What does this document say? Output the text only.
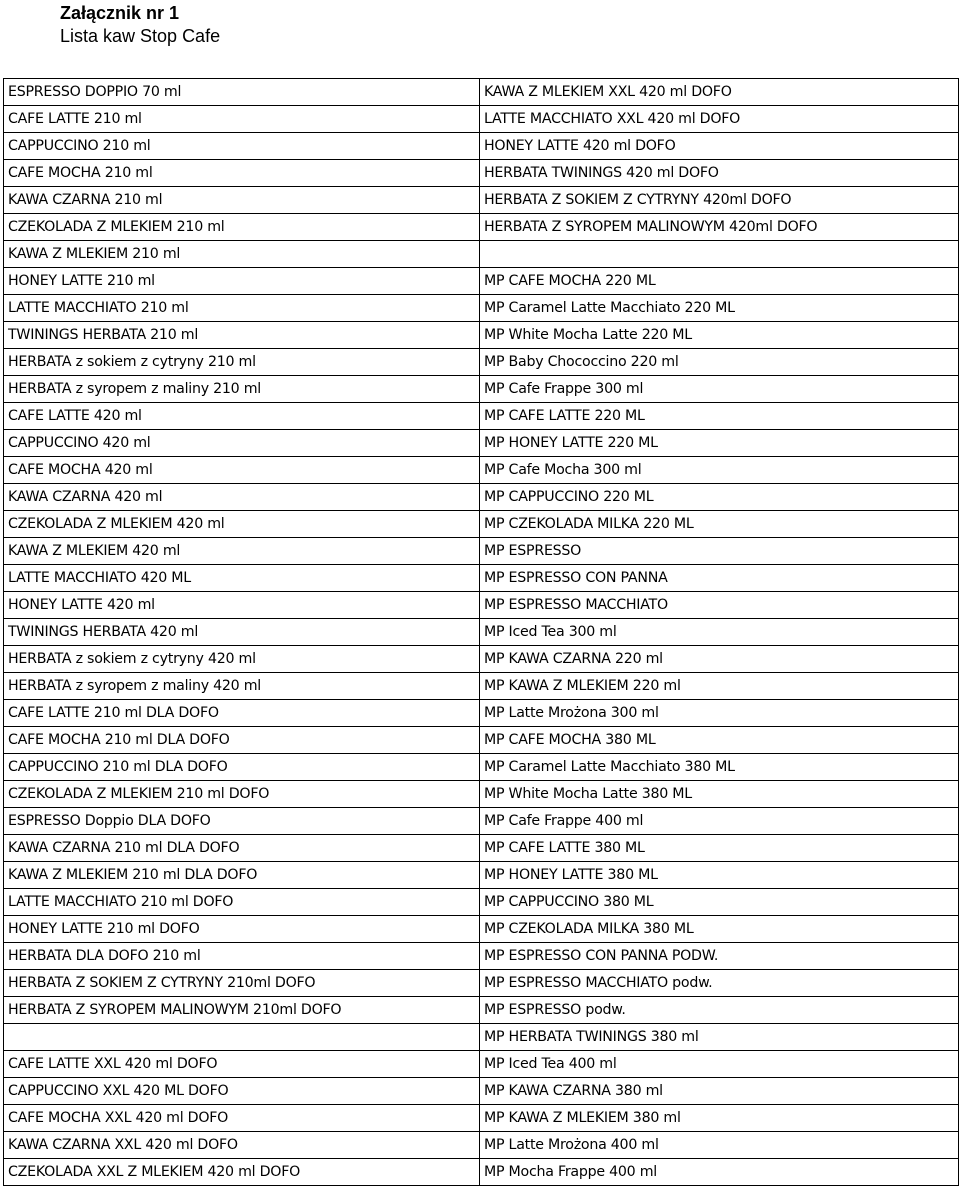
Załącznik nr 1
Lista kaw Stop Cafe
ESPRESSO DOPPIO 70 ml	KAWA Z MLEKIEM XXL 420 ml DOFO
CAFE LATTE 210 ml	LATTE MACCHIATO XXL 420 ml DOFO
CAPPUCCINO 210 ml	HONEY LATTE 420 ml DOFO
CAFE MOCHA 210 ml	HERBATA TWININGS 420 ml DOFO
KAWA CZARNA 210 ml	HERBATA Z SOKIEM Z CYTRYNY 420ml DOFO
CZEKOLADA Z MLEKIEM 210 ml	HERBATA Z SYROPEM MALINOWYM 420ml DOFO
KAWA Z MLEKIEM 210 ml	
HONEY LATTE 210 ml	MP CAFE MOCHA 220 ML
LATTE MACCHIATO 210 ml	MP Caramel Latte Macchiato 220 ML
TWININGS HERBATA 210 ml	MP White Mocha Latte 220 ML
HERBATA z sokiem z cytryny 210 ml	MP Baby Chococcino 220 ml
HERBATA z syropem z maliny 210 ml	MP Cafe Frappe 300 ml
CAFE LATTE 420 ml	MP CAFE LATTE 220 ML
CAPPUCCINO 420 ml	MP HONEY LATTE 220 ML
CAFE MOCHA 420 ml	MP Cafe Mocha 300 ml
KAWA CZARNA 420 ml	MP CAPPUCCINO 220 ML
CZEKOLADA Z MLEKIEM 420 ml	MP CZEKOLADA MILKA 220 ML
KAWA Z MLEKIEM 420 ml	MP ESPRESSO
LATTE MACCHIATO 420 ML	MP ESPRESSO CON PANNA
HONEY LATTE 420 ml	MP ESPRESSO MACCHIATO
TWININGS HERBATA 420 ml	MP Iced Tea 300 ml
HERBATA z sokiem z cytryny 420 ml	MP KAWA CZARNA 220 ml
HERBATA z syropem z maliny 420 ml	MP KAWA Z MLEKIEM 220 ml
CAFE LATTE 210 ml DLA DOFO	MP Latte Mrożona 300 ml
CAFE MOCHA 210 ml DLA DOFO	MP CAFE MOCHA 380 ML
CAPPUCCINO 210 ml DLA DOFO	MP Caramel Latte Macchiato 380 ML
CZEKOLADA Z MLEKIEM 210 ml DOFO	MP White Mocha Latte 380 ML
ESPRESSO Doppio DLA DOFO	MP Cafe Frappe 400 ml
KAWA CZARNA 210 ml DLA DOFO	MP CAFE LATTE 380 ML
KAWA Z MLEKIEM 210 ml DLA DOFO	MP HONEY LATTE 380 ML
LATTE MACCHIATO 210 ml DOFO	MP CAPPUCCINO 380 ML
HONEY LATTE 210 ml DOFO	MP CZEKOLADA MILKA 380 ML
HERBATA DLA DOFO 210 ml	MP ESPRESSO CON PANNA PODW.
HERBATA Z SOKIEM Z CYTRYNY 210ml DOFO	MP ESPRESSO MACCHIATO podw.
HERBATA Z SYROPEM MALINOWYM 210ml DOFO	MP ESPRESSO podw.
	MP HERBATA TWININGS 380 ml
CAFE LATTE XXL 420 ml DOFO	MP Iced Tea 400 ml
CAPPUCCINO XXL 420 ML DOFO	MP KAWA CZARNA 380 ml
CAFE MOCHA XXL 420 ml DOFO	MP KAWA Z MLEKIEM 380 ml
KAWA CZARNA XXL 420 ml DOFO	MP Latte Mrożona 400 ml
CZEKOLADA XXL Z MLEKIEM 420 ml DOFO	MP Mocha Frappe 400 ml
